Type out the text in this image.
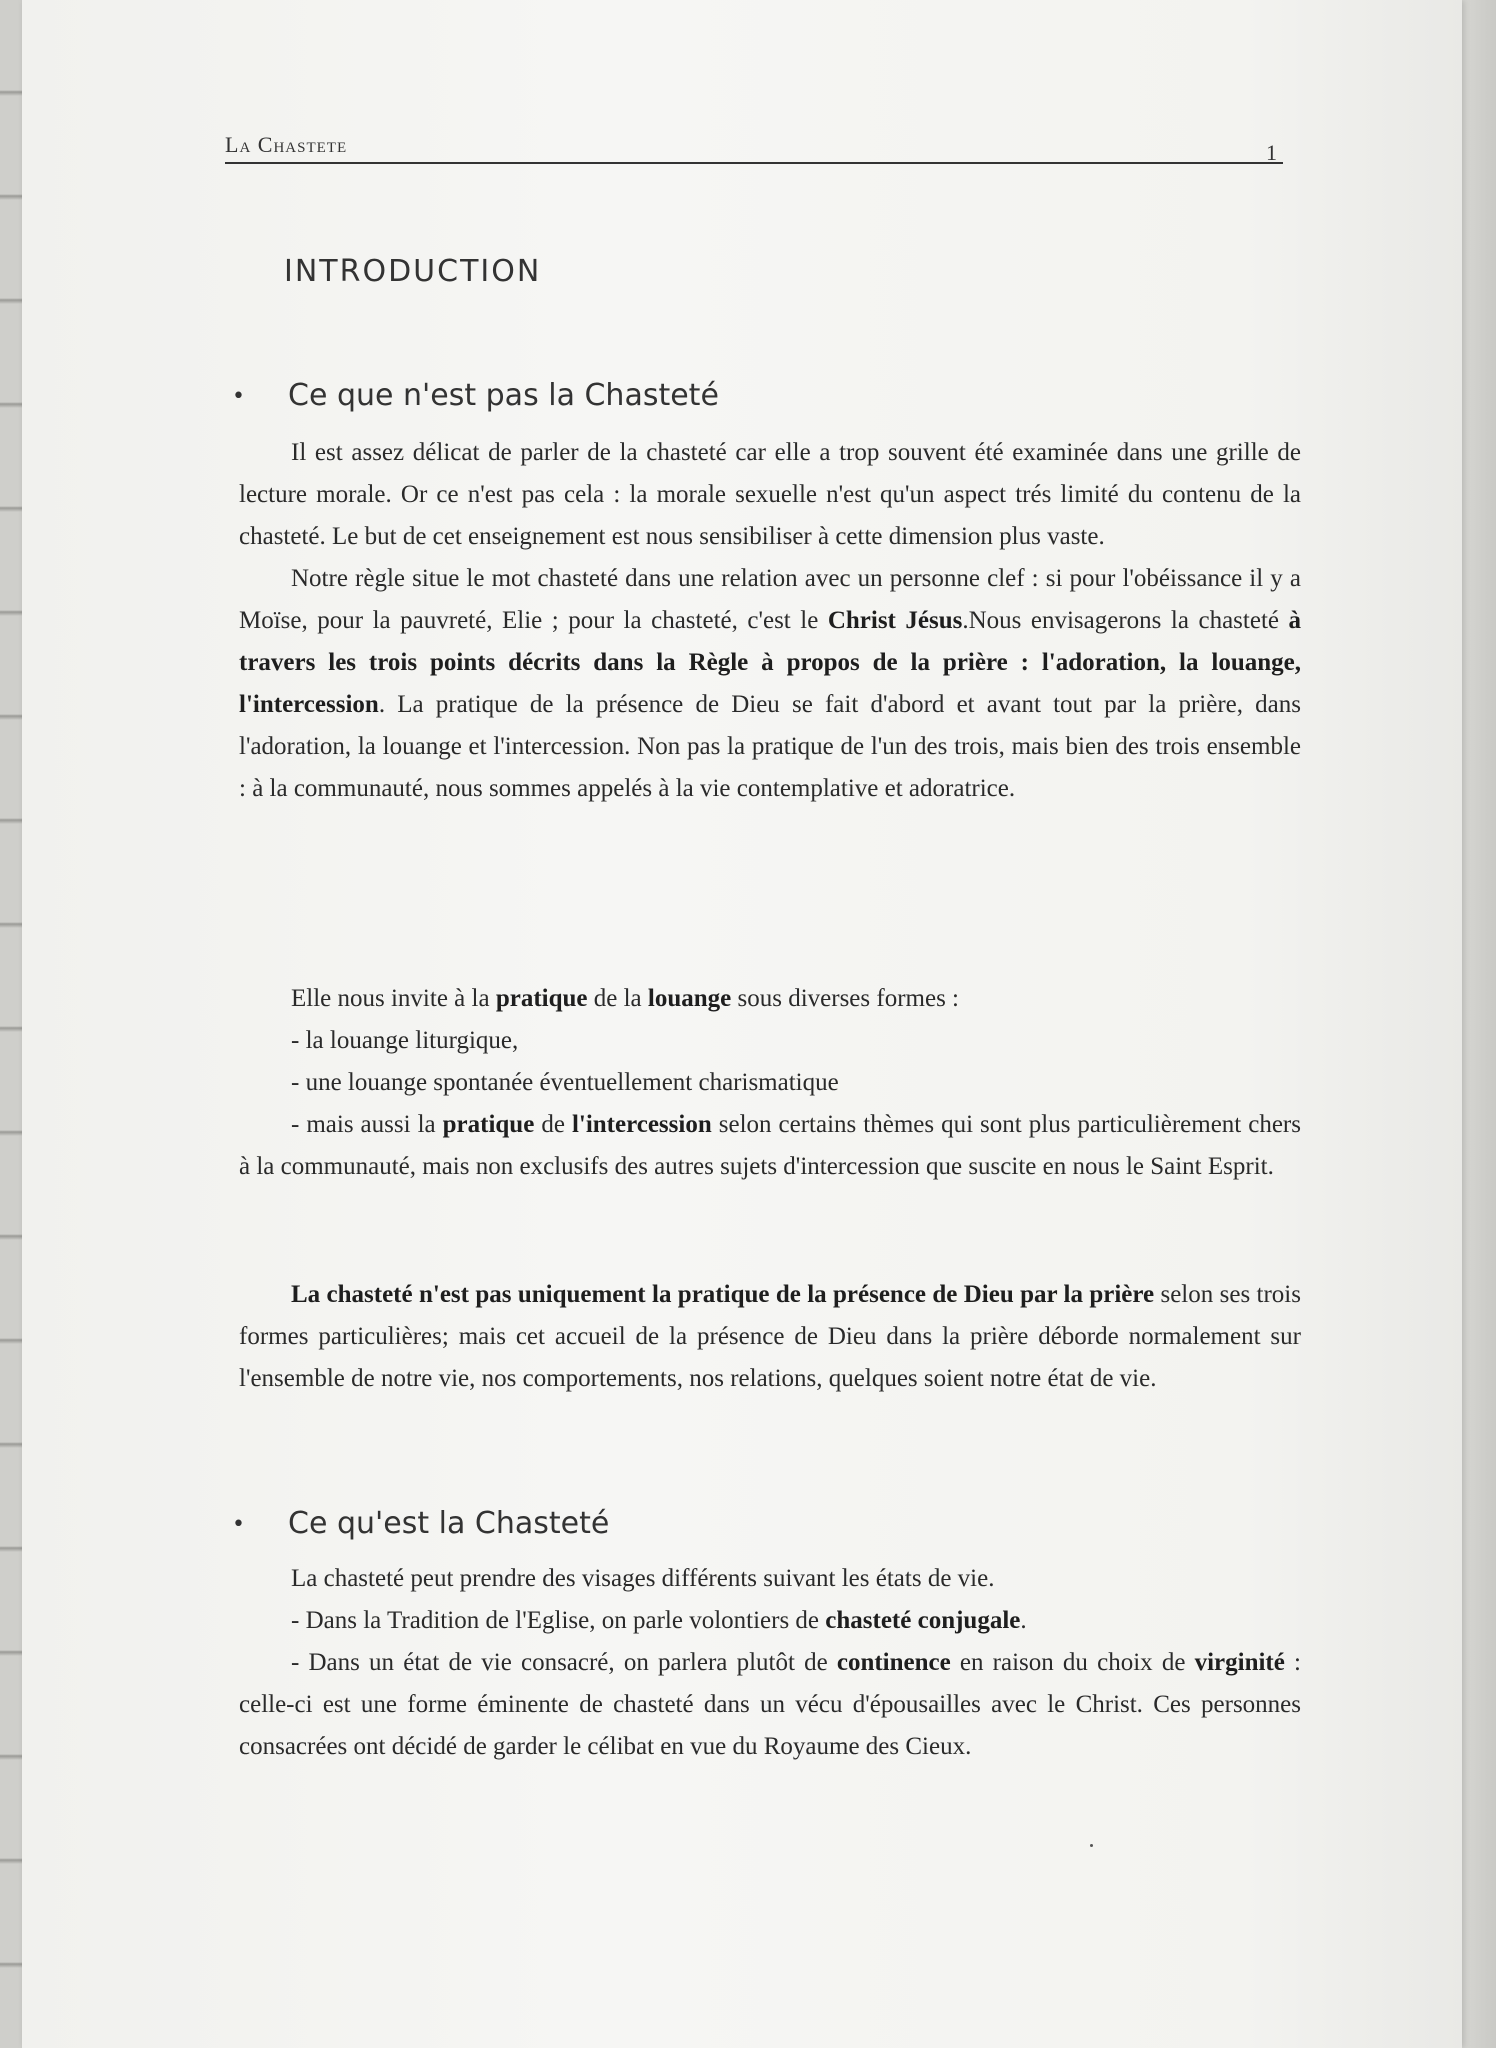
La Chastete	1
INTRODUCTION
• Ce que n'est pas la Chasteté

Il est assez délicat de parler de la chasteté car elle a trop souvent été examinée dans une grille de lecture morale. Or ce n'est pas cela : la morale sexuelle n'est qu'un aspect trés limité du contenu de la chasteté. Le but de cet enseignement est nous sensibiliser à cette dimension plus vaste.

Notre règle situe le mot chasteté dans une relation avec un personne clef : si pour l'obéissance il y a Moïse, pour la pauvreté, Elie ; pour la chasteté, c'est le Christ Jésus.Nous envisagerons la chasteté à travers les trois points décrits dans la Règle à propos de la prière : l'adoration, la louange, l'intercession. La pratique de la présence de Dieu se fait d'abord et avant tout par la prière, dans l'adoration, la louange et l'intercession. Non pas la pratique de l'un des trois, mais bien des trois ensemble : à la communauté, nous sommes appelés à la vie contemplative et adoratrice.

Elle nous invite à la pratique de la louange sous diverses formes :

- la louange liturgique,

- une louange spontanée éventuellement charismatique

- mais aussi la pratique de l'intercession selon certains thèmes qui sont plus particulièrement chers à la communauté, mais non exclusifs des autres sujets d'intercession que suscite en nous le Saint Esprit.

La chasteté n'est pas uniquement la pratique de la présence de Dieu par la prière selon ses trois formes particulières; mais cet accueil de la présence de Dieu dans la prière déborde normalement sur l'ensemble de notre vie, nos comportements, nos relations, quelques soient notre état de vie.

• Ce qu'est la Chasteté

La chasteté peut prendre des visages différents suivant les états de vie.

- Dans la Tradition de l'Eglise, on parle volontiers de chasteté conjugale.

- Dans un état de vie consacré, on parlera plutôt de continence en raison du choix de virginité : celle-ci est une forme éminente de chasteté dans un vécu d'épousailles avec le Christ. Ces personnes consacrées ont décidé de garder le célibat en vue du Royaume des Cieux.
